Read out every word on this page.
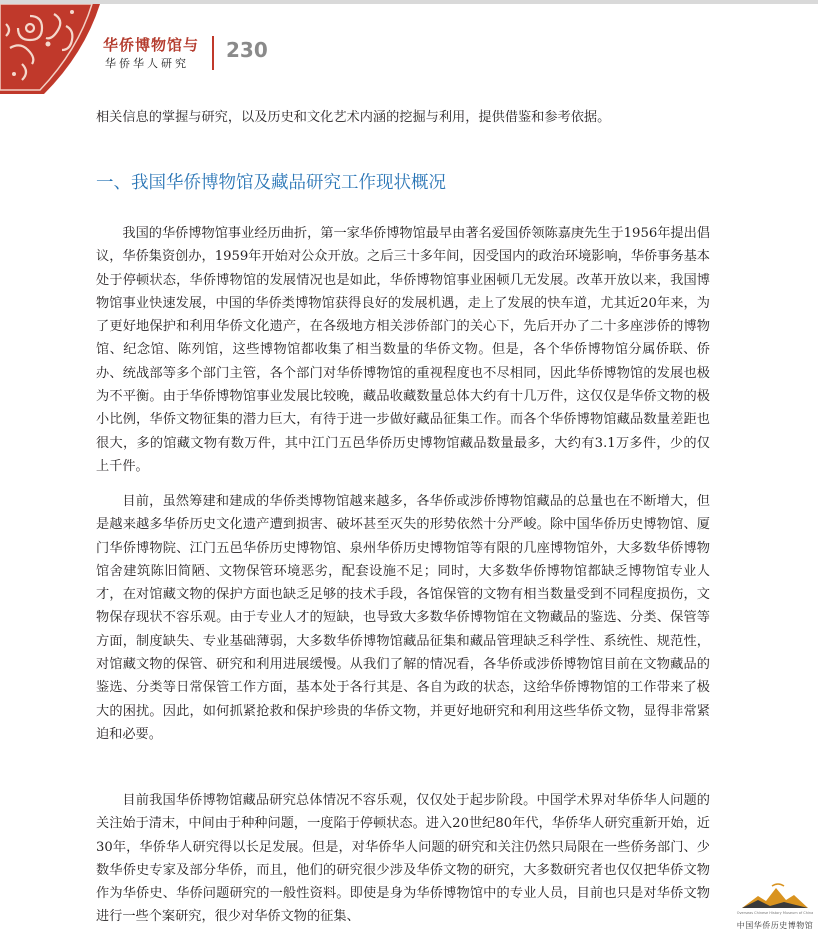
华侨博物馆与
华侨华人研究
230

相关信息的掌握与研究，以及历史和文化艺术内涵的挖掘与利用，提供借鉴和参考依据。

一、我国华侨博物馆及藏品研究工作现状概况

我国的华侨博物馆事业经历曲折，第一家华侨博物馆最早由著名爱国侨领陈嘉庚先生于1956年提出倡议，华侨集资创办，1959年开始对公众开放。之后三十多年间，因受国内的政治环境影响，华侨事务基本处于停顿状态，华侨博物馆的发展情况也是如此，华侨博物馆事业困顿几无发展。改革开放以来，我国博物馆事业快速发展，中国的华侨类博物馆获得良好的发展机遇，走上了发展的快车道，尤其近20年来，为了更好地保护和利用华侨文化遗产，在各级地方相关涉侨部门的关心下，先后开办了二十多座涉侨的博物馆、纪念馆、陈列馆，这些博物馆都收集了相当数量的华侨文物。但是，各个华侨博物馆分属侨联、侨办、统战部等多个部门主管，各个部门对华侨博物馆的重视程度也不尽相同，因此华侨博物馆的发展也极为不平衡。由于华侨博物馆事业发展比较晚，藏品收藏数量总体大约有十几万件，这仅仅是华侨文物的极小比例，华侨文物征集的潜力巨大，有待于进一步做好藏品征集工作。而各个华侨博物馆藏品数量差距也很大，多的馆藏文物有数万件，其中江门五邑华侨历史博物馆藏品数量最多，大约有3.1万多件，少的仅上千件。

目前，虽然筹建和建成的华侨类博物馆越来越多，各华侨或涉侨博物馆藏品的总量也在不断增大，但是越来越多华侨历史文化遗产遭到损害、破坏甚至灭失的形势依然十分严峻。除中国华侨历史博物馆、厦门华侨博物院、江门五邑华侨历史博物馆、泉州华侨历史博物馆等有限的几座博物馆外，大多数华侨博物馆舍建筑陈旧简陋、文物保管环境恶劣，配套设施不足；同时，大多数华侨博物馆都缺乏博物馆专业人才，在对馆藏文物的保护方面也缺乏足够的技术手段，各馆保管的文物有相当数量受到不同程度损伤，文物保存现状不容乐观。由于专业人才的短缺，也导致大多数华侨博物馆在文物藏品的鉴选、分类、保管等方面，制度缺失、专业基础薄弱，大多数华侨博物馆藏品征集和藏品管理缺乏科学性、系统性、规范性，对馆藏文物的保管、研究和利用进展缓慢。从我们了解的情况看，各华侨或涉侨博物馆目前在文物藏品的鉴选、分类等日常保管工作方面，基本处于各行其是、各自为政的状态，这给华侨博物馆的工作带来了极大的困扰。因此，如何抓紧抢救和保护珍贵的华侨文物，并更好地研究和利用这些华侨文物，显得非常紧迫和必要。

目前我国华侨博物馆藏品研究总体情况不容乐观，仅仅处于起步阶段。中国学术界对华侨华人问题的关注始于清末，中间由于种种问题，一度陷于停顿状态。进入20世纪80年代，华侨华人研究重新开始，近30年，华侨华人研究得以长足发展。但是，对华侨华人问题的研究和关注仍然只局限在一些侨务部门、少数华侨史专家及部分华侨，而且，他们的研究很少涉及华侨文物的研究，大多数研究者也仅仅把华侨文物作为华侨史、华侨问题研究的一般性资料。即使是身为华侨博物馆中的专业人员，目前也只是对华侨文物进行一些个案研究，很少对华侨文物的征集、	Overseas Chinese History Museum of China
中国华侨历史博物馆
